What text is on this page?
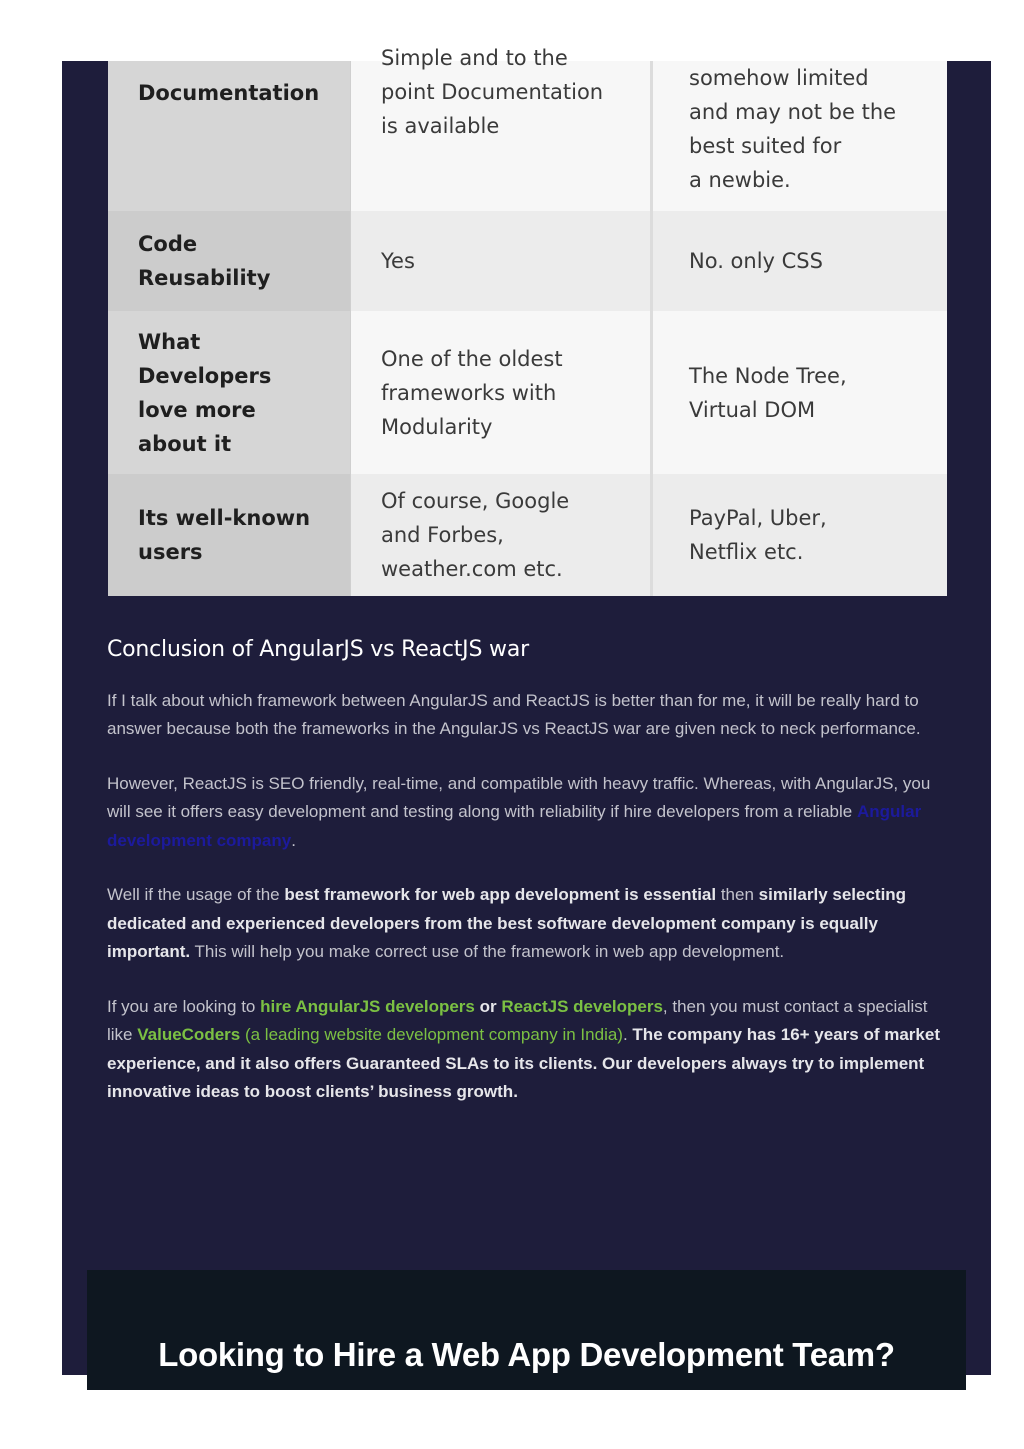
Documentation
Simple and to the
point Documentation
is available
somehow limited
and may not be the
best suited for
a newbie.
Code
Reusability
Yes	No. only CSS
What
Developers
love more
about it
One of the oldest
frameworks with
Modularity
The Node Tree,
Virtual DOM
Its well-known
users
Of course, Google
and Forbes,
weather.com etc.
PayPal, Uber,
Netflix etc.
Conclusion of AngularJS vs ReactJS war

If I talk about which framework between AngularJS and ReactJS is better than for me, it will be really hard to answer because both the frameworks in the AngularJS vs ReactJS war are given neck to neck performance.

However, ReactJS is SEO friendly, real-time, and compatible with heavy traffic. Whereas, with AngularJS, you will see it offers easy development and testing along with reliability if hire developers from a reliable Angular development company.

Well if the usage of the best framework for web app development is essential then similarly selecting dedicated and experienced developers from the best software development company is equally important. This will help you make correct use of the framework in web app development.

If you are looking to hire AngularJS developers or ReactJS developers, then you must contact a specialist like ValueCoders (a leading website development company in India). The company has 16+ years of market experience, and it also offers Guaranteed SLAs to its clients. Our developers always try to implement innovative ideas to boost clients’ business growth.

Looking to Hire a Web App Development Team?
